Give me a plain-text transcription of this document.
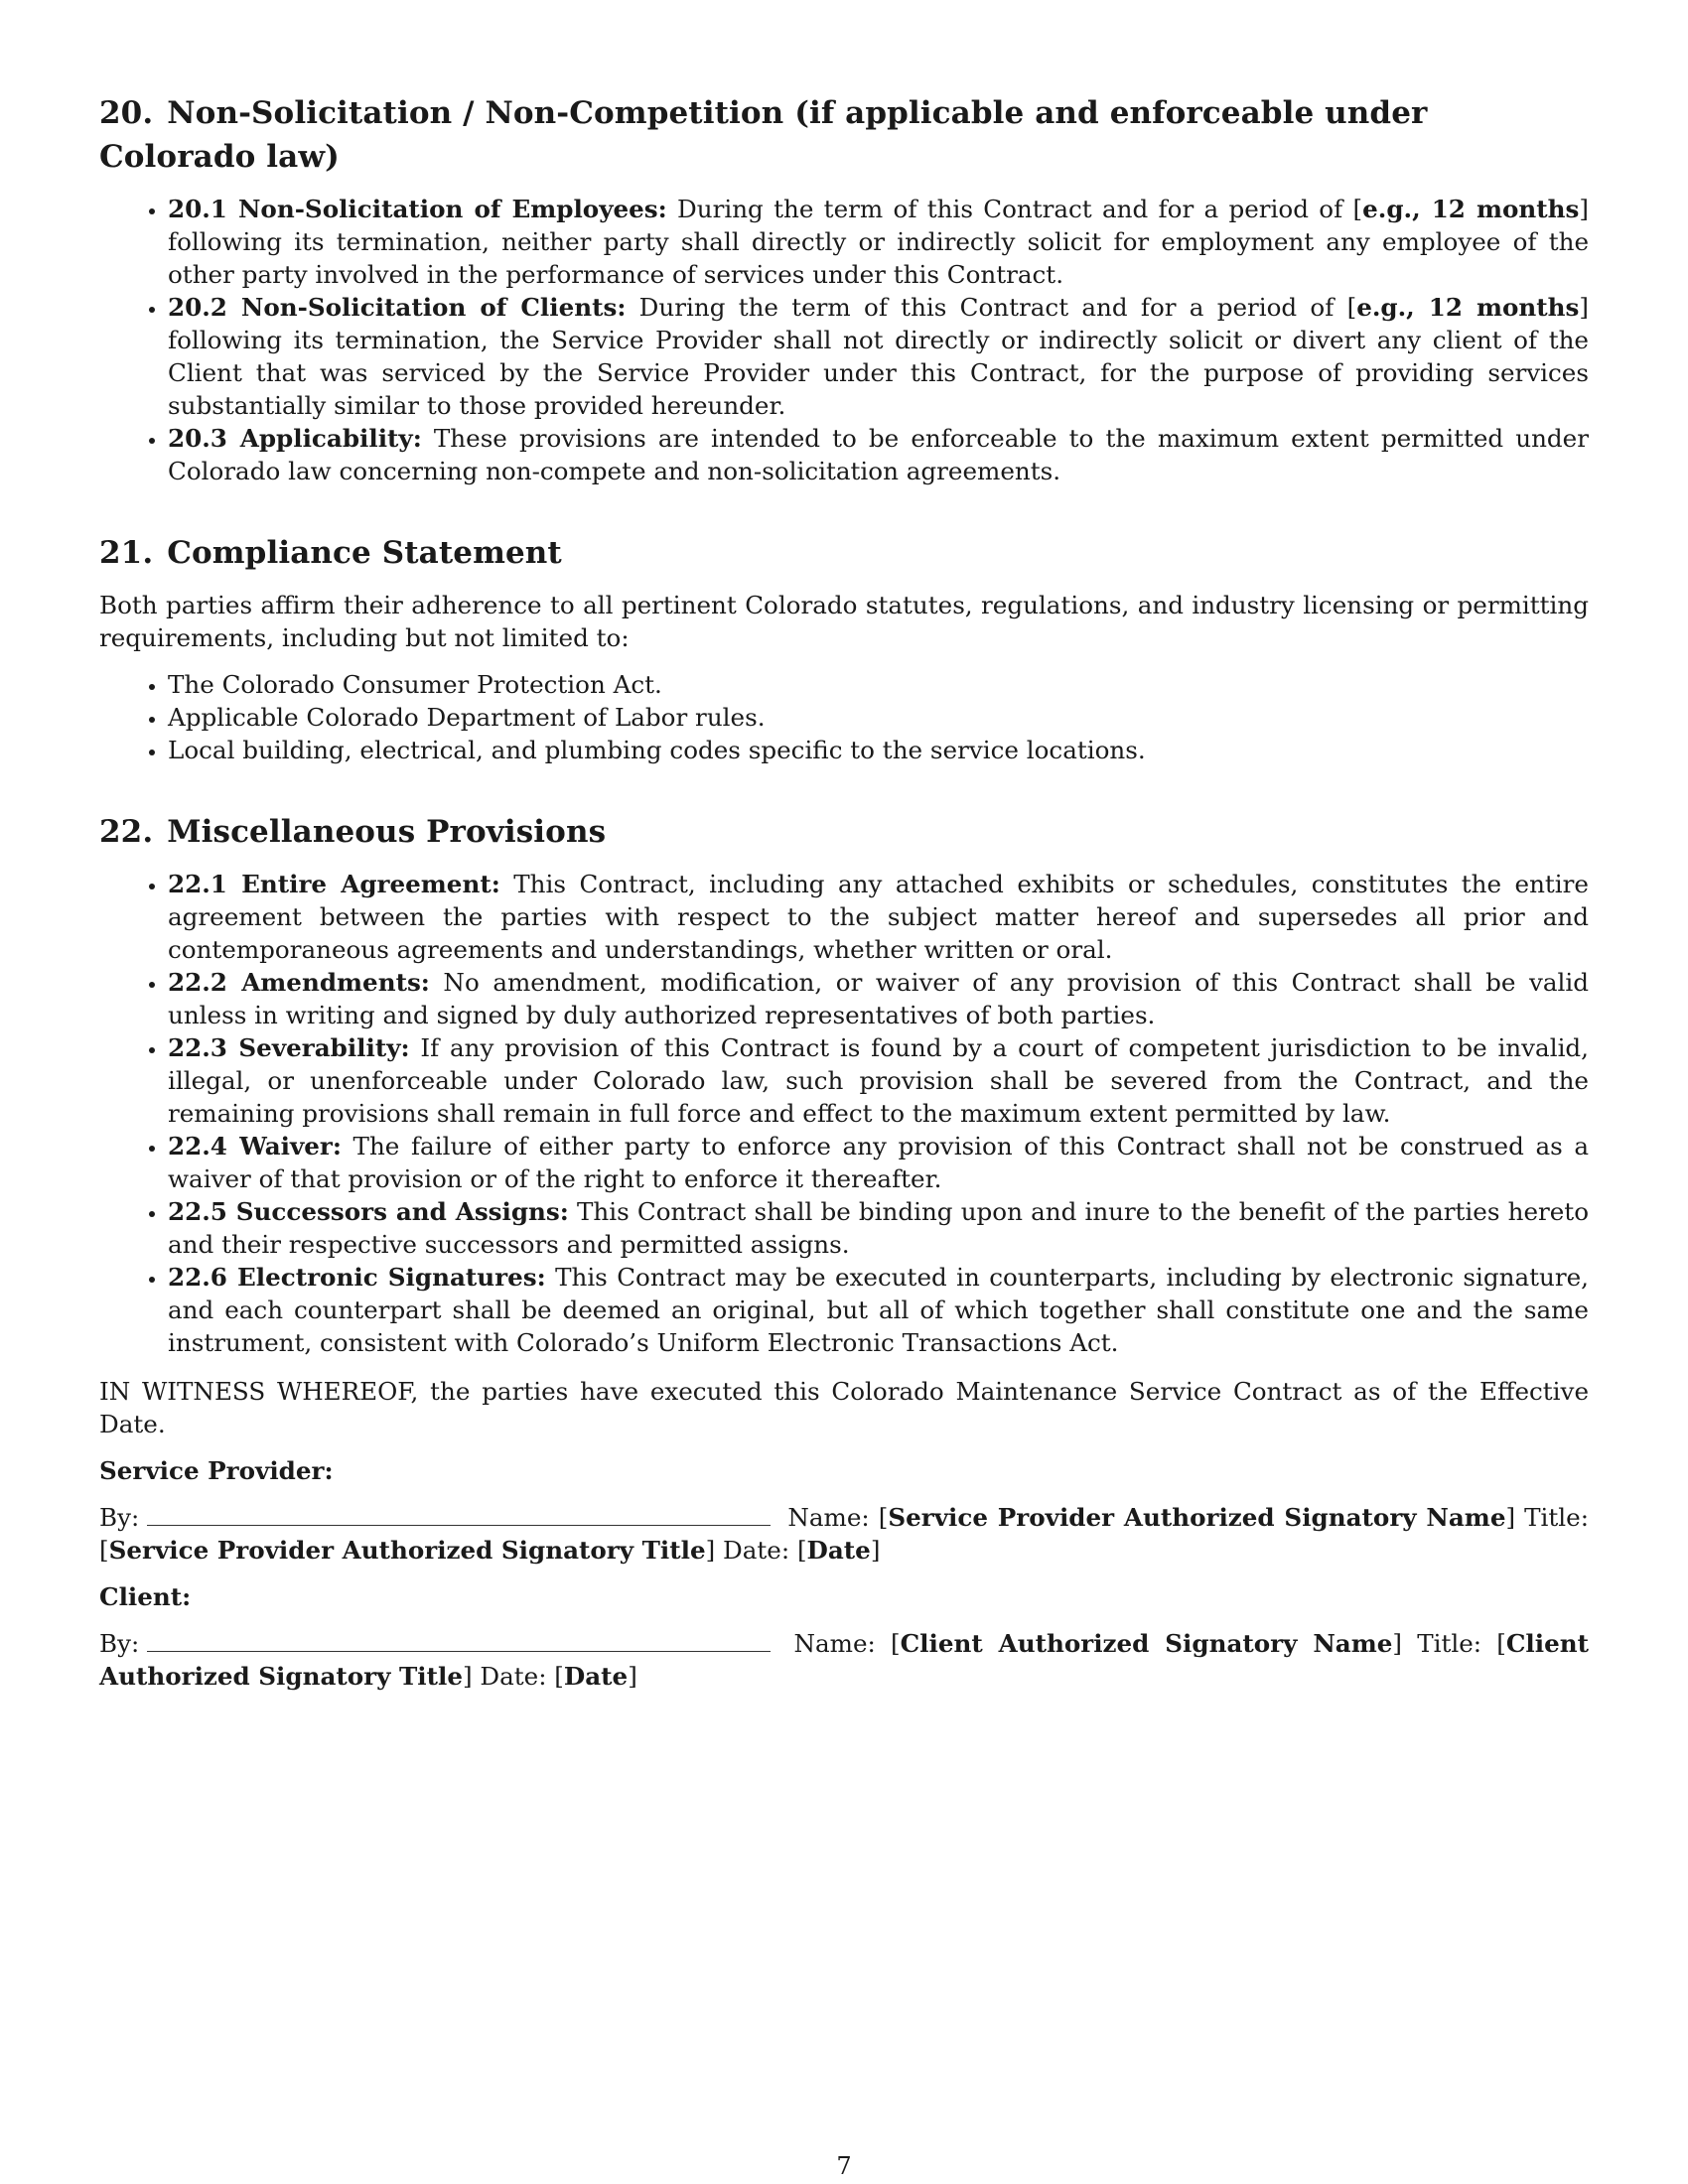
20. Non-Solicitation / Non-Competition (if applicable and enforceable under Colorado law)
• 20.1 Non-Solicitation of Employees: During the term of this Contract and for a period of [e.g., 12 months] following its termination, neither party shall directly or indirectly solicit for employment any employee of the other party involved in the performance of services under this Contract.
• 20.2 Non-Solicitation of Clients: During the term of this Contract and for a period of [e.g., 12 months] following its termination, the Service Provider shall not directly or indirectly solicit or divert any client of the Client that was serviced by the Service Provider under this Contract, for the purpose of providing services substantially similar to those provided hereunder.
• 20.3 Applicability: These provisions are intended to be enforceable to the maximum extent permitted under Colorado law concerning non-compete and non-solicitation agreements.
21. Compliance Statement

Both parties affirm their adherence to all pertinent Colorado statutes, regulations, and industry licensing or permitting requirements, including but not limited to:

• The Colorado Consumer Protection Act.
• Applicable Colorado Department of Labor rules.
• Local building, electrical, and plumbing codes specific to the service locations.
22. Miscellaneous Provisions
• 22.1 Entire Agreement: This Contract, including any attached exhibits or schedules, constitutes the entire agreement between the parties with respect to the subject matter hereof and supersedes all prior and contemporaneous agreements and understandings, whether written or oral.
• 22.2 Amendments: No amendment, modification, or waiver of any provision of this Contract shall be valid unless in writing and signed by duly authorized representatives of both parties.
• 22.3 Severability: If any provision of this Contract is found by a court of competent jurisdiction to be invalid, illegal, or unenforceable under Colorado law, such provision shall be severed from the Contract, and the remaining provisions shall remain in full force and effect to the maximum extent permitted by law.
• 22.4 Waiver: The failure of either party to enforce any provision of this Contract shall not be construed as a waiver of that provision or of the right to enforce it thereafter.
• 22.5 Successors and Assigns: This Contract shall be binding upon and inure to the benefit of the parties hereto and their respective successors and permitted assigns.
• 22.6 Electronic Signatures: This Contract may be executed in counterparts, including by electronic signature, and each counterpart shall be deemed an original, but all of which together shall constitute one and the same instrument, consistent with Colorado’s Uniform Electronic Transactions Act.

IN WITNESS WHEREOF, the parties have executed this Colorado Maintenance Service Contract as of the Effective Date.

Service Provider:

By:	Name: [Service Provider Authorized Signatory Name] Title: [Service Provider Authorized Signatory Title] Date: [Date]

Client:

By:	Name: [Client Authorized Signatory Name] Title: [Client Authorized Signatory Title] Date: [Date]

7
